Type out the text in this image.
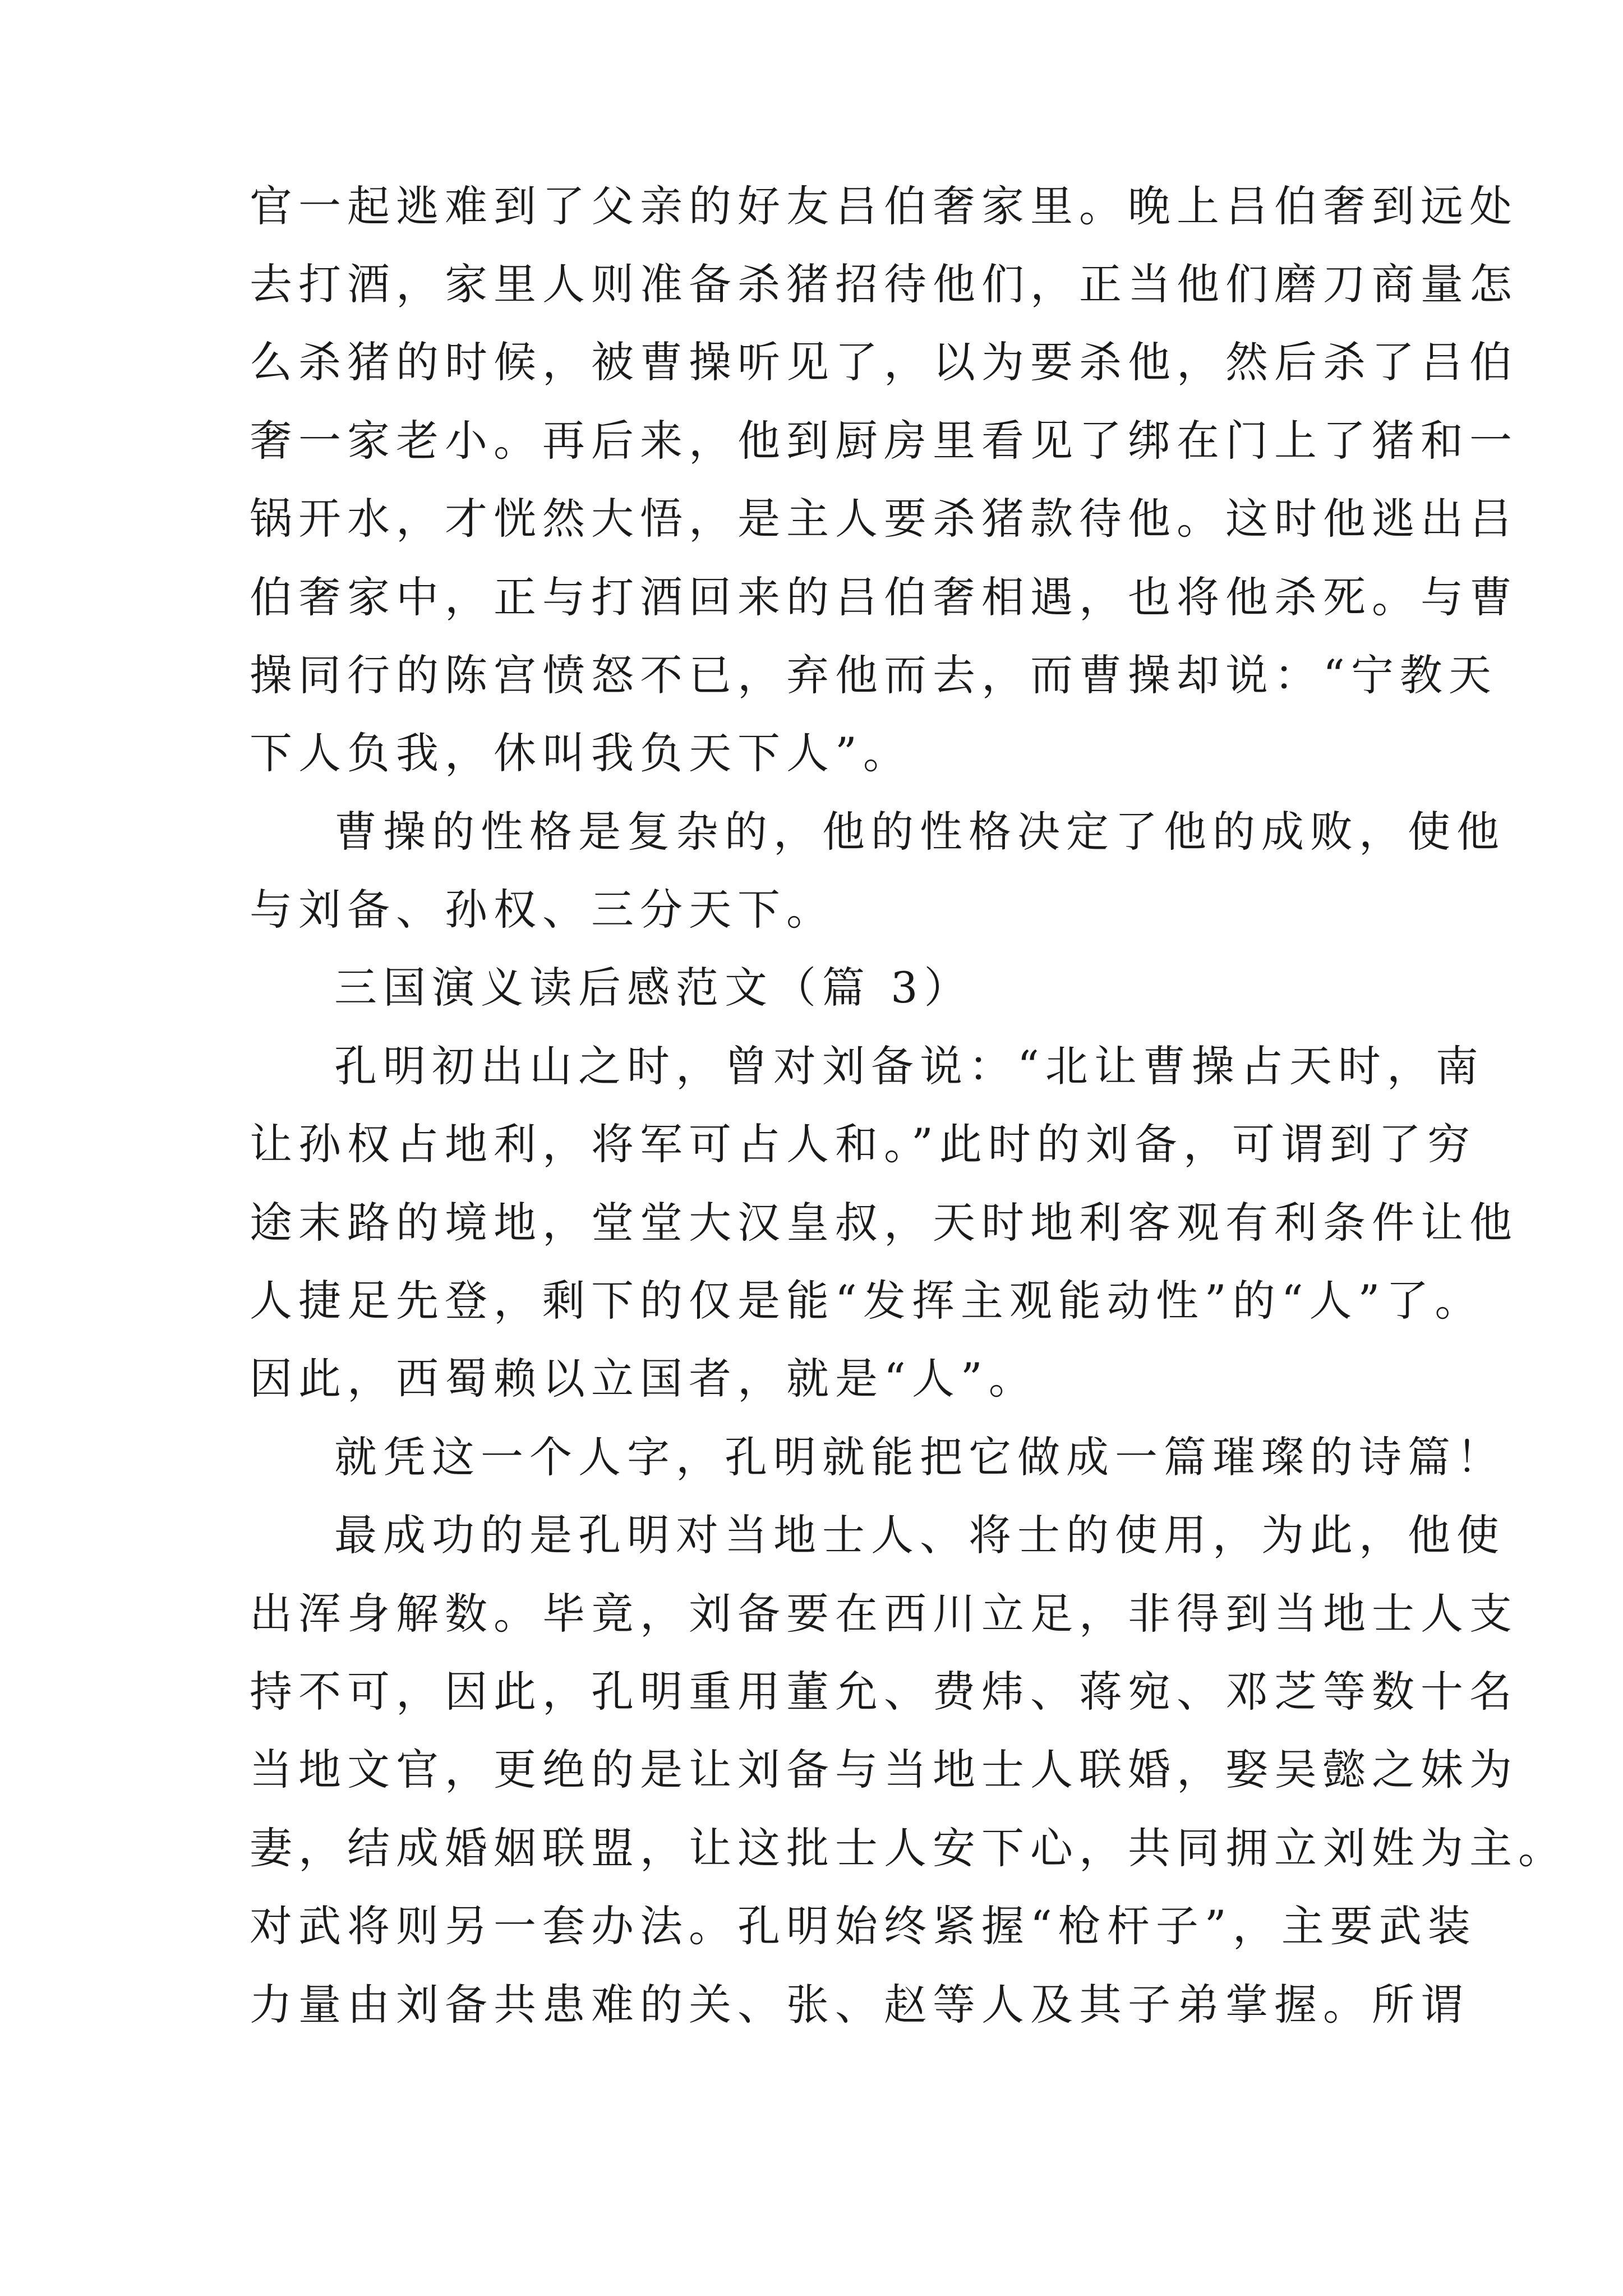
官一起逃难到了父亲的好友吕伯奢家里。晚上吕伯奢到远处
去打酒，家里人则准备杀猪招待他们，正当他们磨刀商量怎
么杀猪的时候，被曹操听见了，以为要杀他，然后杀了吕伯
奢一家老小。再后来，他到厨房里看见了绑在门上了猪和一
锅开水，才恍然大悟，是主人要杀猪款待他。这时他逃出吕
伯奢家中，正与打酒回来的吕伯奢相遇，也将他杀死。与曹
操同行的陈宫愤怒不已，弃他而去，而曹操却说：“宁教天
下人负我，休叫我负天下人”。
曹操的性格是复杂的，他的性格决定了他的成败，使他
与刘备、孙权、三分天下。
三国演义读后感范文（篇 3）
孔明初出山之时，曾对刘备说：“北让曹操占天时，南
让孙权占地利，将军可占人和。”此时的刘备，可谓到了穷
途末路的境地，堂堂大汉皇叔，天时地利客观有利条件让他
人捷足先登，剩下的仅是能“发挥主观能动性”的“人”了。
因此，西蜀赖以立国者，就是“人”。
就凭这一个人字，孔明就能把它做成一篇璀璨的诗篇！
最成功的是孔明对当地士人、将士的使用，为此，他使
出浑身解数。毕竟，刘备要在西川立足，非得到当地士人支
持不可，因此，孔明重用董允、费炜、蒋宛、邓芝等数十名
当地文官，更绝的是让刘备与当地士人联婚，娶吴懿之妹为
妻，结成婚姻联盟，让这批士人安下心，共同拥立刘姓为主。
对武将则另一套办法。孔明始终紧握“枪杆子”，主要武装
力量由刘备共患难的关、张、赵等人及其子弟掌握。所谓
